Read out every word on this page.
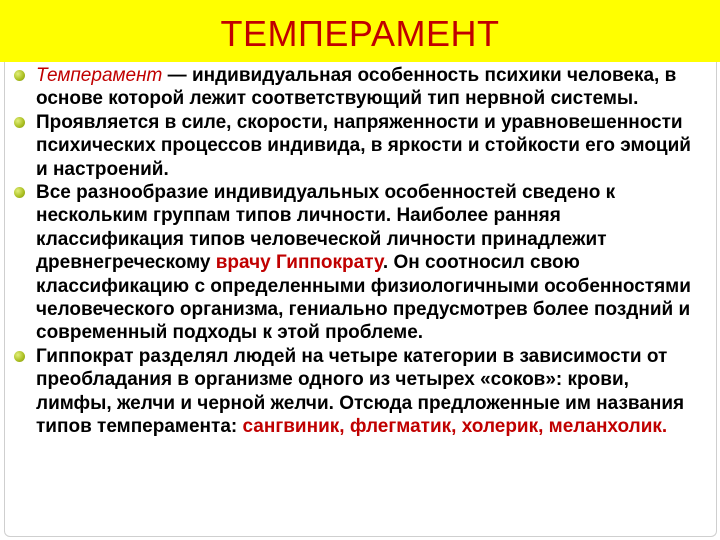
ТЕМПЕРАМЕНТ
Темперамент — индивидуальная особенность психики человека, в основе которой лежит соответствующий тип нервной системы.
Проявляется в силе, скорости, напряженности и уравновешенности психических процессов индивида, в яркости и стойкости его эмоций и настроений.
Все разнообразие индивидуальных особенностей сведено к нескольким группам типов личности. Наиболее ранняя классификация типов человеческой личности принадлежит древнегреческому врачу Гиппократу. Он соотносил свою классификацию с определенными физиологичными особенностями человеческого организма, гениально предусмотрев более поздний и современный подходы к этой проблеме.
Гиппократ разделял людей на четыре категории в зависимости от преобладания в организме одного из четырех «соков»: крови, лимфы, желчи и черной желчи. Отсюда предложенные им названия типов темперамента: сангвиник, флегматик, холерик, меланхолик.
